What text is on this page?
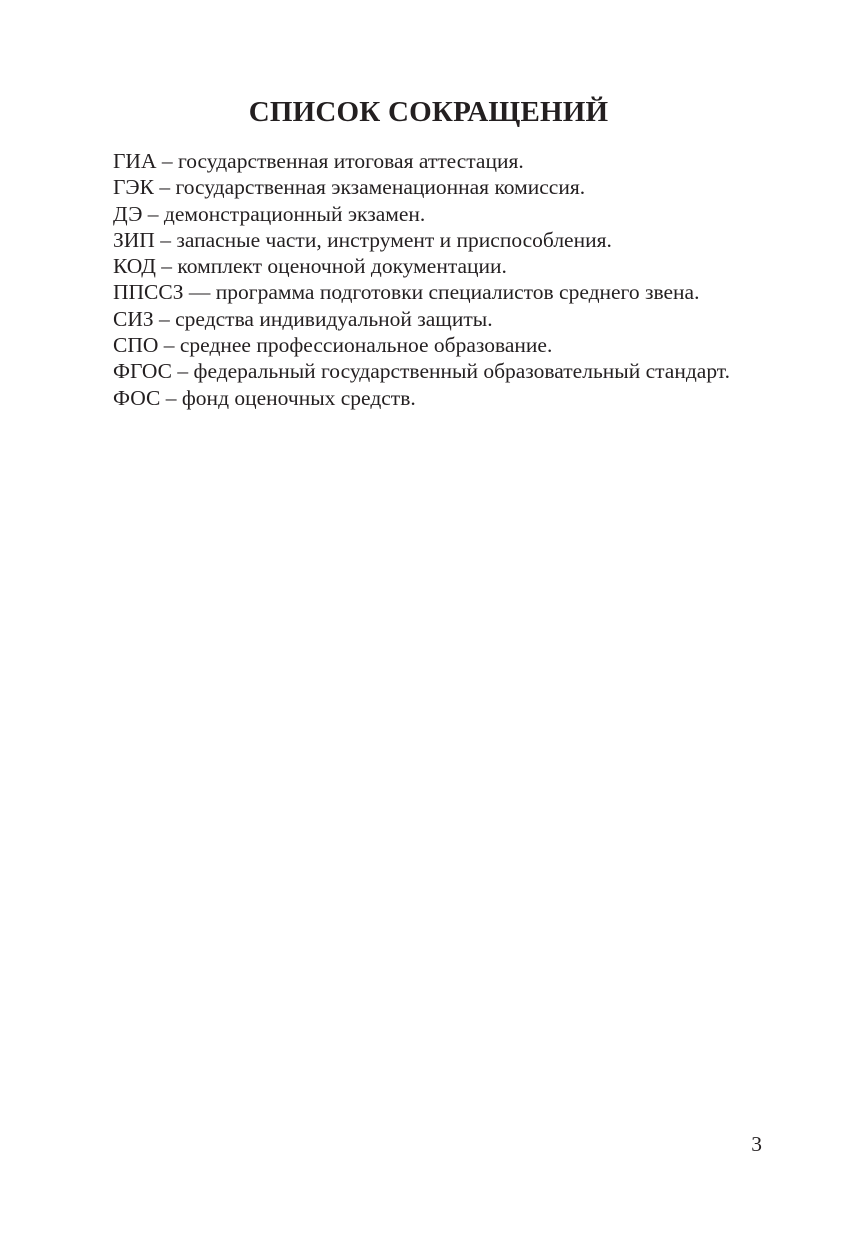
СПИСОК СОКРАЩЕНИЙ
ГИА – государственная итоговая аттестация.
ГЭК – государственная экзаменационная комиссия.
ДЭ – демонстрационный экзамен.
ЗИП – запасные части, инструмент и приспособления.
КОД – комплект оценочной документации.
ППССЗ — программа подготовки специалистов среднего звена.
СИЗ – средства индивидуальной защиты.
СПО – среднее профессиональное образование.
ФГОС – федеральный государственный образовательный стандарт.
ФОС – фонд оценочных средств.
3
